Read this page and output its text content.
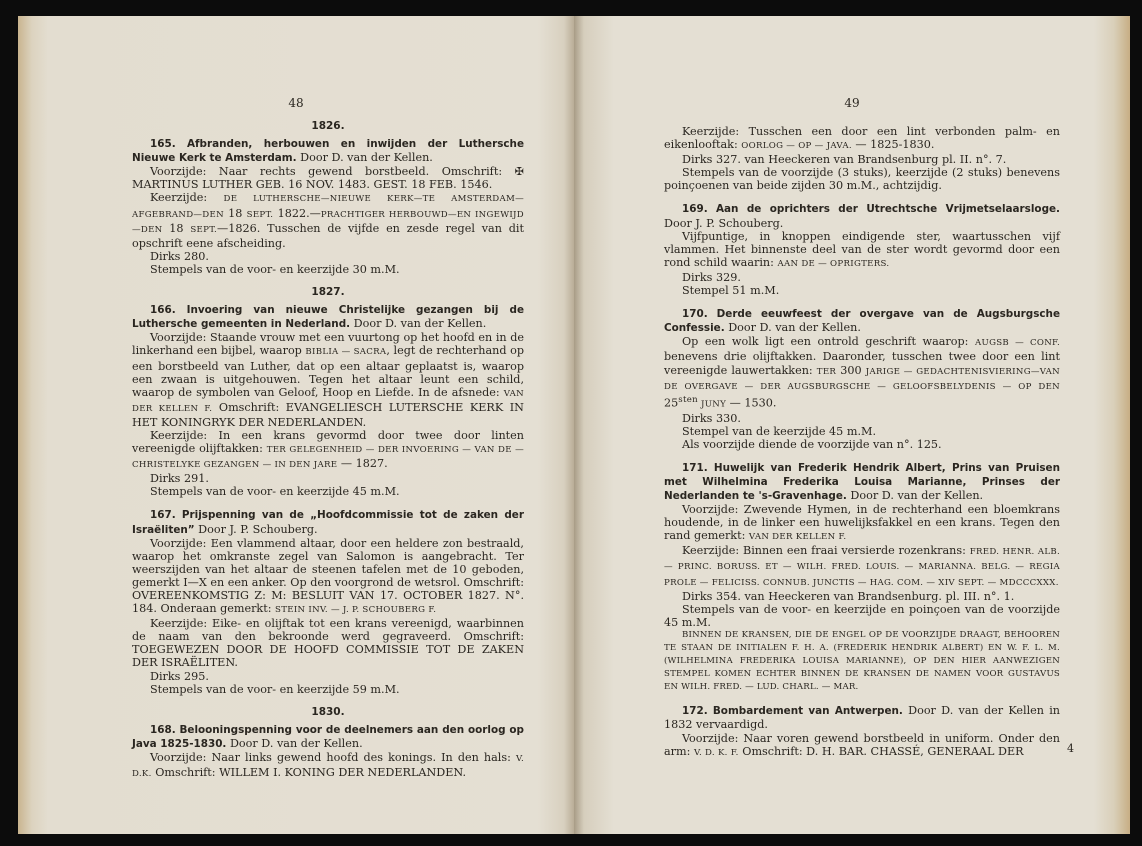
48
1826.

165. Afbranden, herbouwen en inwijden der Luthersche Nieuwe Kerk te Amsterdam. Door D. van der Kellen.

Voorzijde: Naar rechts gewend borstbeeld. Omschrift: ✠ MARTINUS LUTHER GEB. 16 NOV. 1483. GEST. 18 FEB. 1546.

Keerzijde: DE LUTHERSCHE—NIEUWE KERK—TE AMSTERDAM—AFGEBRAND—DEN 18 SEPT. 1822.—PRACHTIGER HERBOUWD—EN INGEWIJD—DEN 18 SEPT.—1826. Tusschen de vijfde en zesde regel van dit opschrift eene afscheiding.

Dirks 280.

Stempels van de voor- en keerzijde 30 m.M.

1827.

166. Invoering van nieuwe Christelijke gezangen bij de Luthersche gemeenten in Nederland. Door D. van der Kellen.

Voorzijde: Staande vrouw met een vuurtong op het hoofd en in de linkerhand een bijbel, waarop BIBLIA — SACRA, legt de rechterhand op een borstbeeld van Luther, dat op een altaar geplaatst is, waarop een zwaan is uitgehouwen. Tegen het altaar leunt een schild, waarop de symbolen van Geloof, Hoop en Liefde. In de afsnede: VAN DER KELLEN F. Omschrift: EVANGELIESCH LUTERSCHE KERK IN HET KONINGRYK DER NEDERLANDEN.

Keerzijde: In een krans gevormd door twee door linten vereenigde olijftakken: TER GELEGENHEID — DER INVOERING — VAN DE — CHRISTELYKE GEZANGEN — IN DEN JARE — 1827.

Dirks 291.

Stempels van de voor- en keerzijde 45 m.M.

167. Prijspenning van de „Hoofdcommissie tot de zaken der Israëliten” Door J. P. Schouberg.

Voorzijde: Een vlammend altaar, door een heldere zon bestraald, waarop het omkranste zegel van Salomon is aangebracht. Ter weerszijden van het altaar de steenen tafelen met de 10 geboden, gemerkt I—X en een anker. Op den voorgrond de wetsrol. Omschrift: OVEREENKOMSTIG Z: M: BESLUIT VAN 17. OCTOBER 1827. N°. 184. Onderaan gemerkt: STEIN INV. — J. P. SCHOUBERG F.

Keerzijde: Eike- en olijftak tot een krans vereenigd, waarbinnen de naam van den bekroonde werd gegraveerd. Omschrift: TOEGEWEZEN DOOR DE HOOFD COMMISSIE TOT DE ZAKEN DER ISRAËLITEN.

Dirks 295.

Stempels van de voor- en keerzijde 59 m.M.

1830.

168. Belooningspenning voor de deelnemers aan den oorlog op Java 1825-1830. Door D. van der Kellen.

Voorzijde: Naar links gewend hoofd des konings. In den hals: V. D.K. Omschrift: WILLEM I. KONING DER NEDERLANDEN.

49

Keerzijde: Tusschen een door een lint verbonden palm- en eikenlooftak: OORLOG — OP — JAVA. — 1825-1830.

Dirks 327. van Heeckeren van Brandsenburg pl. II. n°. 7.

Stempels van de voorzijde (3 stuks), keerzijde (2 stuks) benevens poinçoenen van beide zijden 30 m.M., achtzijdig.

169. Aan de oprichters der Utrechtsche Vrijmetselaarsloge. Door J. P. Schouberg.

Vijfpuntige, in knoppen eindigende ster, waartusschen vijf vlammen. Het binnenste deel van de ster wordt gevormd door een rond schild waarin: AAN DE — OPRIGTERS.

Dirks 329.

Stempel 51 m.M.

170. Derde eeuwfeest der overgave van de Augsburgsche Confessie. Door D. van der Kellen.

Op een wolk ligt een ontrold geschrift waarop: AUGSB — CONF. benevens drie olijftakken. Daaronder, tusschen twee door een lint vereenigde lauwertakken: TER 300 JARIGE — GEDACHTENISVIERING—VAN DE OVERGAVE — DER AUGSBURGSCHE — GELOOFSBELYDENIS — OP DEN $25^{sten}$ JUNY — 1530.

Dirks 330.

Stempel van de keerzijde 45 m.M.

Als voorzijde diende de voorzijde van n°. 125.

171. Huwelijk van Frederik Hendrik Albert, Prins van Pruisen met Wilhelmina Frederika Louisa Marianne, Prinses der Nederlanden te 's-Gravenhage. Door D. van der Kellen.

Voorzijde: Zwevende Hymen, in de rechterhand een bloemkrans houdende, in de linker een huwelijksfakkel en een krans. Tegen den rand gemerkt: VAN DER KELLEN F.

Keerzijde: Binnen een fraai versierde rozenkrans: FRED. HENR. ALB. — PRINC. BORUSS. ET — WILH. FRED. LOUIS. — MARIANNA. BELG. — REGIA PROLE — FELICISS. CONNUB. JUNCTIS — HAG. COM. — XIV SEPT. — MDCCCXXX.

Dirks 354. van Heeckeren van Brandsenburg. pl. III. n°. 1.

Stempels van de voor- en keerzijde en poinçoen van de voorzijde 45 m.M.

BINNEN DE KRANSEN, DIE DE ENGEL OP DE VOORZIJDE DRAAGT, BEHOOREN TE STAAN DE INITIALEN F. H. A. (FREDERIK HENDRIK ALBERT) EN W. F. L. M. (WILHELMINA FREDERIKA LOUISA MARIANNE), OP DEN HIER AANWEZIGEN STEMPEL KOMEN ECHTER BINNEN DE KRANSEN DE NAMEN VOOR GUSTAVUS EN WILH. FRED. — LUD. CHARL. — MAR.

172. Bombardement van Antwerpen. Door D. van der Kellen in 1832 vervaardigd.

Voorzijde: Naar voren gewend borstbeeld in uniform. Onder den arm: V. D. K. F. Omschrift: D. H. BAR. CHASSÉ, GENERAAL DER	4
